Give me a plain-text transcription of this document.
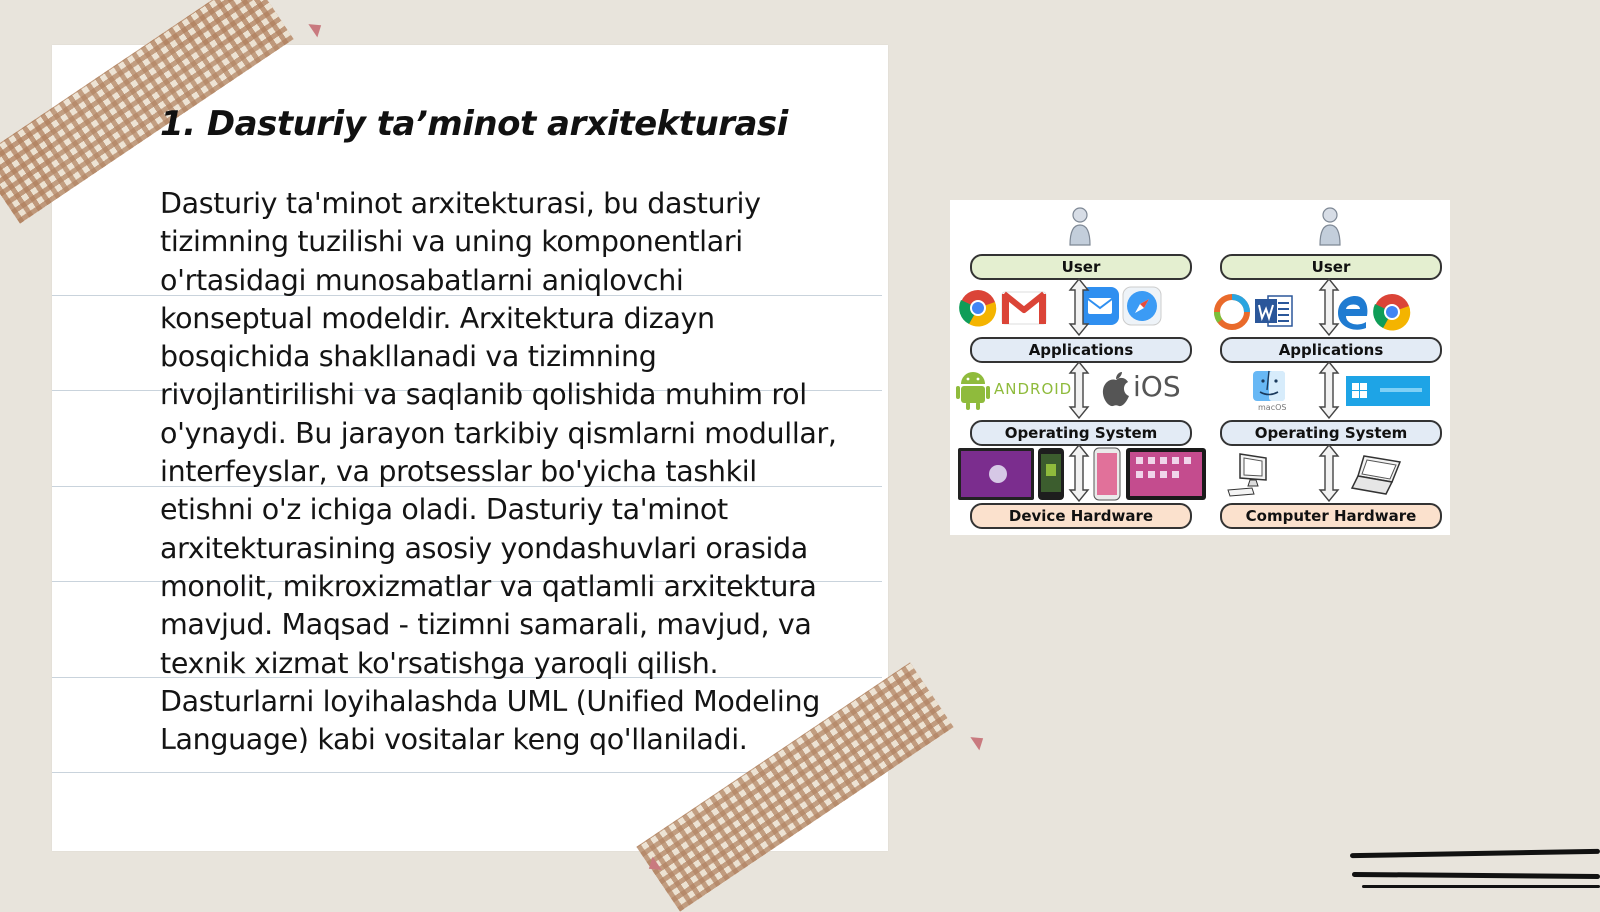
1. Dasturiy ta’minot arxitekturasi

Dasturiy ta'minot arxitekturasi, bu dasturiy tizimning tuzilishi va uning komponentlari o'rtasidagi munosabatlarni aniqlovchi konseptual modeldir. Arxitektura dizayn bosqichida shakllanadi va tizimning rivojlantirilishi va saqlanib qolishida muhim rol o'ynaydi. Bu jarayon tarkibiy qismlarni modullar, interfeyslar, va protsesslar bo'yicha tashkil etishni o'z ichiga oladi. Dasturiy ta'minot arxitekturasining asosiy yondashuvlari orasida monolit, mikroxizmatlar va qatlamli arxitektura mavjud. Maqsad - tizimni samarali, mavjud, va texnik xizmat ko'rsatishga yaroqli qilish. Dasturlarni loyihalashda UML (Unified Modeling Language) kabi vositalar keng qo'llaniladi.

User
Applications
ANDROID iOS
Operating System
Device Hardware
User
Applications
macOS
Operating System
Computer Hardware
